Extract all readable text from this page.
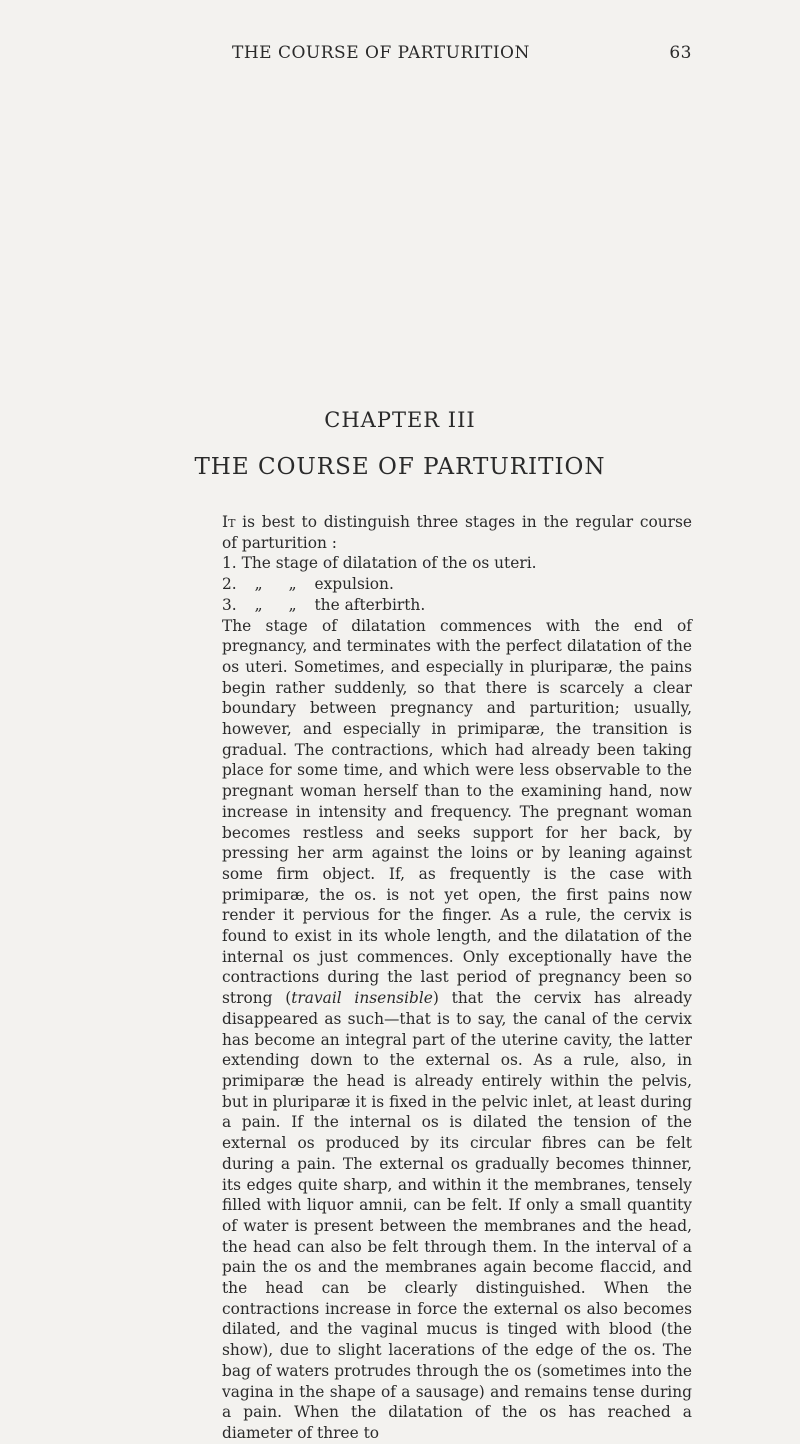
THE COURSE OF PARTURITION	63
CHAPTER III
THE COURSE OF PARTURITION

It is best to distinguish three stages in the regular course of parturition :

1. The stage of dilatation of the os uteri.
2. „ „ expulsion.
3. „ „ the afterbirth.

The stage of dilatation commences with the end of pregnancy, and terminates with the perfect dilatation of the os uteri. Sometimes, and especially in pluriparæ, the pains begin rather suddenly, so that there is scarcely a clear boundary between pregnancy and parturition; usually, however, and especially in primiparæ, the transition is gradual. The contractions, which had already been taking place for some time, and which were less observable to the pregnant woman herself than to the examining hand, now increase in intensity and frequency. The pregnant woman becomes restless and seeks support for her back, by pressing her arm against the loins or by leaning against some firm object. If, as frequently is the case with primiparæ, the os. is not yet open, the first pains now render it pervious for the finger. As a rule, the cervix is found to exist in its whole length, and the dilatation of the internal os just commences. Only exceptionally have the contractions during the last period of pregnancy been so strong (travail insensible) that the cervix has already disappeared as such—that is to say, the canal of the cervix has become an integral part of the uterine cavity, the latter extending down to the external os. As a rule, also, in primiparæ the head is already entirely within the pelvis, but in pluriparæ it is fixed in the pelvic inlet, at least during a pain. If the internal os is dilated the tension of the external os produced by its circular fibres can be felt during a pain. The external os gradually becomes thinner, its edges quite sharp, and within it the membranes, tensely filled with liquor amnii, can be felt. If only a small quantity of water is present between the membranes and the head, the head can also be felt through them. In the interval of a pain the os and the membranes again become flaccid, and the head can be clearly distinguished. When the contractions increase in force the external os also becomes dilated, and the vaginal mucus is tinged with blood (the show), due to slight lacerations of the edge of the os. The bag of waters protrudes through the os (sometimes into the vagina in the shape of a sausage) and remains tense during a pain. When the dilatation of the os has reached a diameter of three to
